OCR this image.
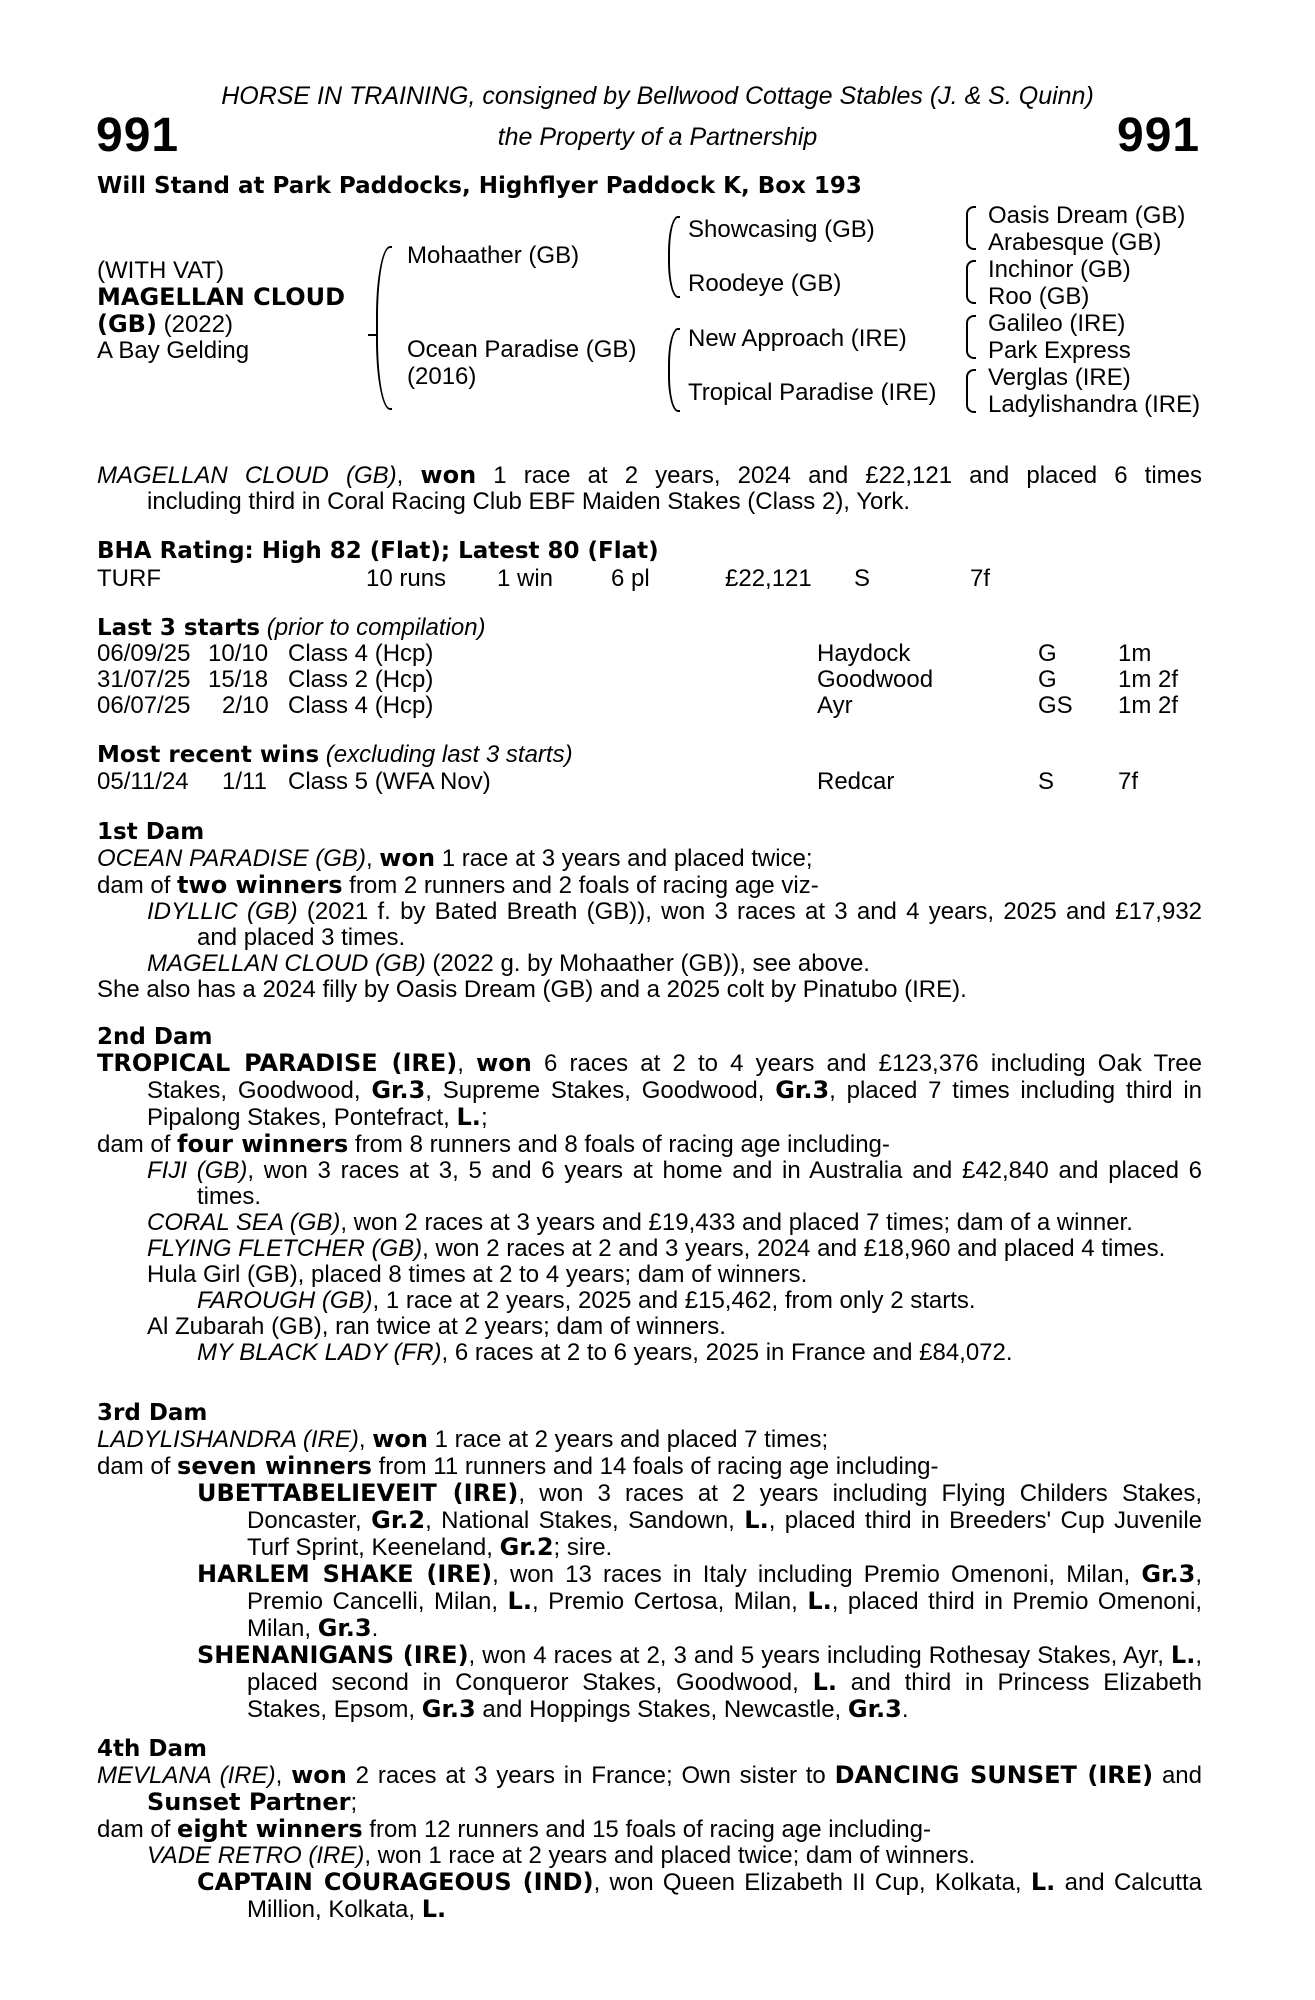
HORSE IN TRAINING, consigned by Bellwood Cottage Stables (J. & S. Quinn)
the Property of a Partnership
991	991
Will Stand at Park Paddocks, Highflyer Paddock K, Box 193
(WITH VAT)
MAGELLAN CLOUD
(GB) (2022)
A Bay Gelding
Mohaather (GB)
Ocean Paradise (GB)
(2016)
Showcasing (GB)
Roodeye (GB)
New Approach (IRE)
Tropical Paradise (IRE)
Oasis Dream (GB)
Arabesque (GB)
Inchinor (GB)
Roo (GB)
Galileo (IRE)
Park Express
Verglas (IRE)
Ladylishandra (IRE)

MAGELLAN CLOUD (GB), won 1 race at 2 years, 2024 and £22,121 and placed 6 times

including third in Coral Racing Club EBF Maiden Stakes (Class 2), York.

BHA Rating: High 82 (Flat); Latest 80 (Flat)
TURF	10 runs 1 win 6 pl	£22,121 S	7f
Last 3 starts (prior to compilation)
06/09/25 10/10 Class 4 (Hcp)	Haydock	G	1m
31/07/25 15/18 Class 2 (Hcp)	Goodwood	G	1m 2f
06/07/25 2/10 Class 4 (Hcp)	Ayr	GS 1m 2f
Most recent wins (excluding last 3 starts)
05/11/24 1/11 Class 5 (WFA Nov)	Redcar	S	7f

1st Dam

OCEAN PARADISE (GB), won 1 race at 3 years and placed twice;

dam of two winners from 2 runners and 2 foals of racing age viz-

IDYLLIC (GB) (2021 f. by Bated Breath (GB)), won 3 races at 3 and 4 years, 2025 and £17,932 and placed 3 times.

MAGELLAN CLOUD (GB) (2022 g. by Mohaather (GB)), see above.

She also has a 2024 filly by Oasis Dream (GB) and a 2025 colt by Pinatubo (IRE).

2nd Dam

TROPICAL PARADISE (IRE), won 6 races at 2 to 4 years and £123,376 including Oak Tree Stakes, Goodwood, Gr.3, Supreme Stakes, Goodwood, Gr.3, placed 7 times including third in Pipalong Stakes, Pontefract, L.;

dam of four winners from 8 runners and 8 foals of racing age including-

FIJI (GB), won 3 races at 3, 5 and 6 years at home and in Australia and £42,840 and placed 6 times.

CORAL SEA (GB), won 2 races at 3 years and £19,433 and placed 7 times; dam of a winner.

FLYING FLETCHER (GB), won 2 races at 2 and 3 years, 2024 and £18,960 and placed 4 times.

Hula Girl (GB), placed 8 times at 2 to 4 years; dam of winners.

FAROUGH (GB), 1 race at 2 years, 2025 and £15,462, from only 2 starts.

Al Zubarah (GB), ran twice at 2 years; dam of winners.

MY BLACK LADY (FR), 6 races at 2 to 6 years, 2025 in France and £84,072.

3rd Dam

LADYLISHANDRA (IRE), won 1 race at 2 years and placed 7 times;

dam of seven winners from 11 runners and 14 foals of racing age including-

UBETTABELIEVEIT (IRE), won 3 races at 2 years including Flying Childers Stakes, Doncaster, Gr.2, National Stakes, Sandown, L., placed third in Breeders' Cup Juvenile Turf Sprint, Keeneland, Gr.2; sire.

HARLEM SHAKE (IRE), won 13 races in Italy including Premio Omenoni, Milan, Gr.3, Premio Cancelli, Milan, L., Premio Certosa, Milan, L., placed third in Premio Omenoni, Milan, Gr.3.

SHENANIGANS (IRE), won 4 races at 2, 3 and 5 years including Rothesay Stakes, Ayr, L., placed second in Conqueror Stakes, Goodwood, L. and third in Princess Elizabeth Stakes, Epsom, Gr.3 and Hoppings Stakes, Newcastle, Gr.3.

4th Dam

MEVLANA (IRE), won 2 races at 3 years in France; Own sister to DANCING SUNSET (IRE) and Sunset Partner;

dam of eight winners from 12 runners and 15 foals of racing age including-

VADE RETRO (IRE), won 1 race at 2 years and placed twice; dam of winners.

CAPTAIN COURAGEOUS (IND), won Queen Elizabeth II Cup, Kolkata, L. and Calcutta Million, Kolkata, L.
